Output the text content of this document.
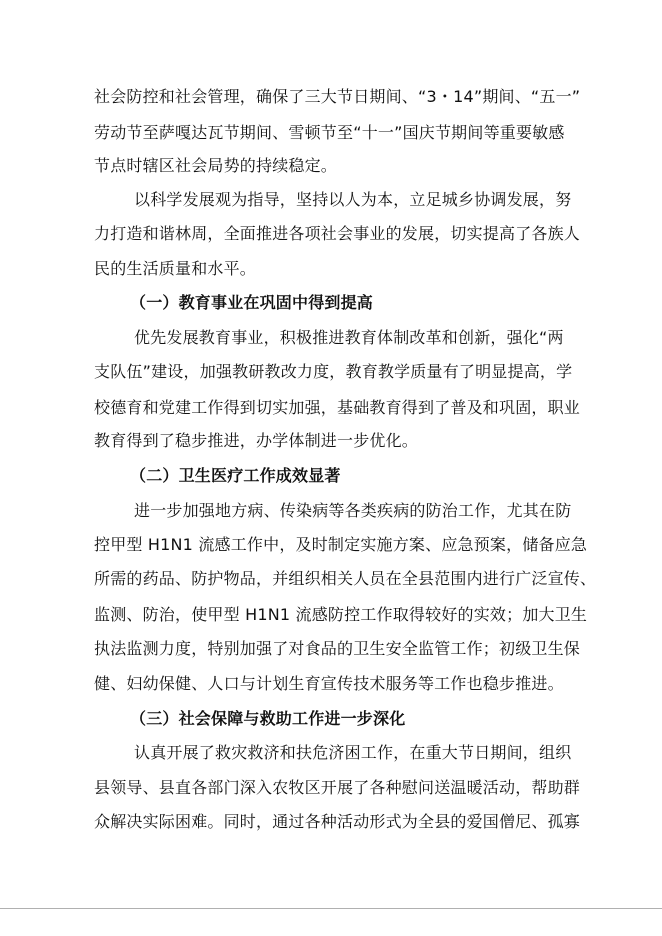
社会防控和社会管理，确保了三大节日期间、“3・14”期间、“五一”
劳动节至萨嘎达瓦节期间、雪顿节至“十一”国庆节期间等重要敏感
节点时辖区社会局势的持续稳定。
以科学发展观为指导，坚持以人为本，立足城乡协调发展，努
力打造和谐林周，全面推进各项社会事业的发展，切实提高了各族人
民的生活质量和水平。
（一）教育事业在巩固中得到提高
优先发展教育事业，积极推进教育体制改革和创新，强化“两
支队伍”建设，加强教研教改力度，教育教学质量有了明显提高，学
校德育和党建工作得到切实加强，基础教育得到了普及和巩固，职业
教育得到了稳步推进，办学体制进一步优化。
（二）卫生医疗工作成效显著
进一步加强地方病、传染病等各类疾病的防治工作，尤其在防
控甲型 H1N1 流感工作中，及时制定实施方案、应急预案，储备应急
所需的药品、防护物品，并组织相关人员在全县范围内进行广泛宣传、
监测、防治，使甲型 H1N1 流感防控工作取得较好的实效；加大卫生
执法监测力度，特别加强了对食品的卫生安全监管工作；初级卫生保
健、妇幼保健、人口与计划生育宣传技术服务等工作也稳步推进。
（三）社会保障与救助工作进一步深化
认真开展了救灾救济和扶危济困工作，在重大节日期间，组织
县领导、县直各部门深入农牧区开展了各种慰问送温暖活动，帮助群
众解决实际困难。同时，通过各种活动形式为全县的爱国僧尼、孤寡
